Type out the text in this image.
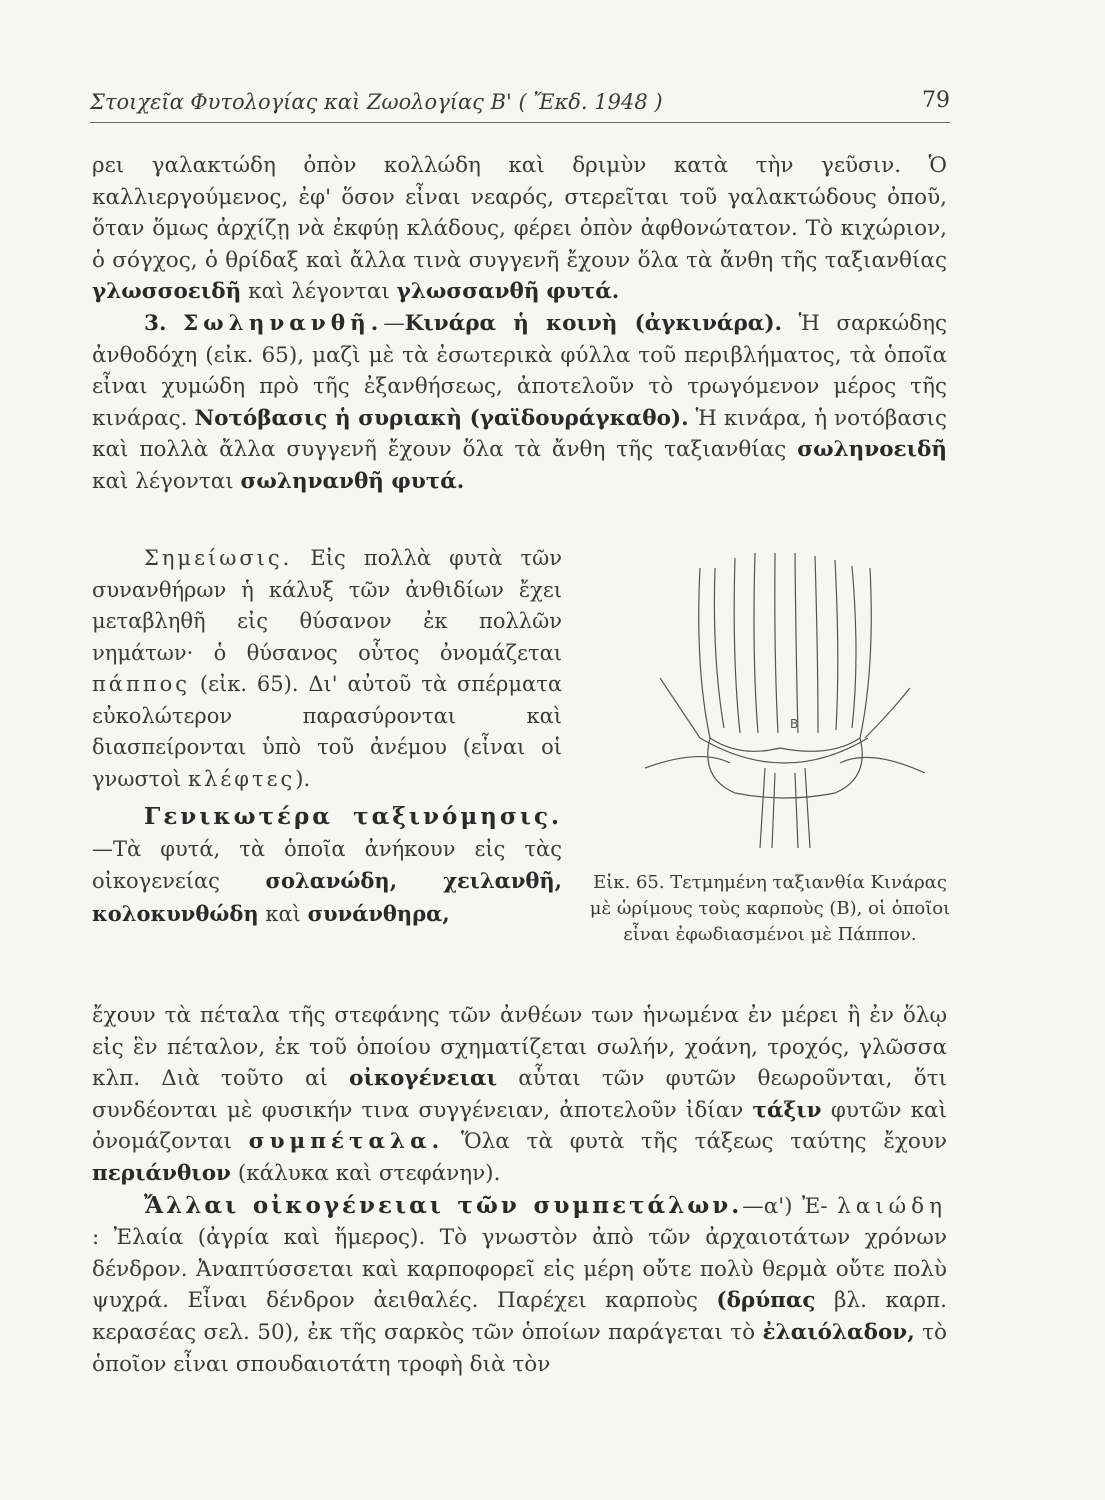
Στοιχεῖα Φυτολογίας καὶ Ζωολογίας Β' ( Ἔκδ. 1948 )	79

ρει γαλακτώδη ὀπὸν κολλώδη καὶ δριμὺν κατὰ τὴν γεῦσιν. Ὁ καλλιεργούμενος, ἐφ' ὅσον εἶναι νεαρός, στερεῖται τοῦ γαλακτώδους ὀποῦ, ὅταν ὅμως ἀρχίζῃ νὰ ἐκφύῃ κλάδους, φέρει ὀπὸν ἀφθονώτατον. Τὸ κιχώριον, ὁ σόγχος, ὁ θρίδαξ καὶ ἄλλα τινὰ συγγενῆ ἔχουν ὅλα τὰ ἄνθη τῆς ταξιανθίας γλωσσοειδῆ καὶ λέγονται γλωσσανθῆ φυτά.

3. Σωληνανθῆ.—Κινάρα ἡ κοινὴ (ἀγκινάρα). Ἡ σαρκώδης ἀνθοδόχη (εἰκ. 65), μαζὶ μὲ τὰ ἐσωτερικὰ φύλλα τοῦ περιβλήματος, τὰ ὁποῖα εἶναι χυμώδη πρὸ τῆς ἐξανθήσεως, ἀποτελοῦν τὸ τρωγόμενον μέρος τῆς κινάρας. Νοτόβασις ἡ συριακὴ (γαϊδουράγκαθο). Ἡ κινάρα, ἡ νοτόβασις καὶ πολλὰ ἄλλα συγγενῆ ἔχουν ὅλα τὰ ἄνθη τῆς ταξιανθίας σωληνοειδῆ καὶ λέγονται σωληνανθῆ φυτά.

Σημείωσις. Εἰς πολλὰ φυτὰ τῶν συνανθήρων ἡ κάλυξ τῶν ἀνθιδίων ἔχει μεταβληθῆ εἰς θύσανον ἐκ πολλῶν νημάτων· ὁ θύσανος οὗτος ὀνομάζεται πάππος (εἰκ. 65). Δι' αὐτοῦ τὰ σπέρματα εὐκολώτερον παρασύρονται καὶ διασπείρονται ὑπὸ τοῦ ἀνέμου (εἶναι οἱ γνωστοὶ κλέφτες).

Γενικωτέρα ταξινόμησις.—Τὰ φυτά, τὰ ὁποῖα ἀνήκουν εἰς τὰς οἰκογενείας σολανώδη, χειλανθῆ, κολοκυνθώδη καὶ συνάνθηρα,

Β
Εἰκ. 65. Τετμημένη ταξιανθία Κινάρας μὲ ὡρίμους τοὺς καρποὺς (Β), οἱ ὁποῖοι εἶναι ἐφωδιασμένοι μὲ Πάππον.

ἔχουν τὰ πέταλα τῆς στεφάνης τῶν ἀνθέων των ἡνωμένα ἐν μέρει ἢ ἐν ὅλῳ εἰς ἓν πέταλον, ἐκ τοῦ ὁποίου σχηματίζεται σωλήν, χοάνη, τροχός, γλῶσσα κλπ. Διὰ τοῦτο αἱ οἰκογένειαι αὗται τῶν φυτῶν θεωροῦνται, ὅτι συνδέονται μὲ φυσικήν τινα συγγένειαν, ἀποτελοῦν ἰδίαν τάξιν φυτῶν καὶ ὀνομάζονται συμπέταλα. Ὅλα τὰ φυτὰ τῆς τάξεως ταύτης ἔχουν περιάνθιον (κάλυκα καὶ στεφάνην).

Ἄλλαι οἰκογένειαι τῶν συμπετάλων.—α') Ἐ- λαιώδη : Ἐλαία (ἀγρία καὶ ἥμερος). Τὸ γνωστὸν ἀπὸ τῶν ἀρχαιοτάτων χρόνων δένδρον. Ἀναπτύσσεται καὶ καρποφορεῖ εἰς μέρη οὔτε πολὺ θερμὰ οὔτε πολὺ ψυχρά. Εἶναι δένδρον ἀειθαλές. Παρέχει καρποὺς (δρύπας βλ. καρπ. κερασέας σελ. 50), ἐκ τῆς σαρκὸς τῶν ὁποίων παράγεται τὸ ἐλαιόλαδον, τὸ ὁποῖον εἶναι σπουδαιοτάτη τροφὴ διὰ τὸν
